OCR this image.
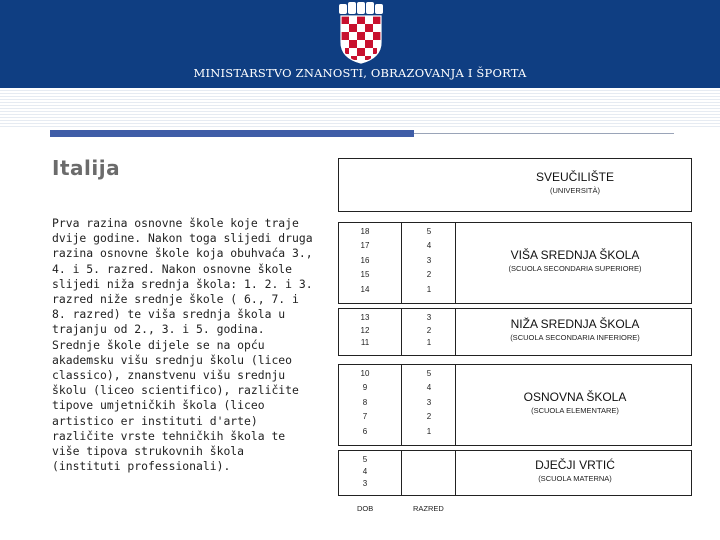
MINISTARSTVO ZNANOSTI, OBRAZOVANJA I ŠPORTA
Italija
Prva razina osnovne škole koje traje dvije godine. Nakon toga slijedi druga razina osnovne škole koja obuhvaća 3., 4. i 5. razred. Nakon osnovne škole slijedi niža srednja škola: 1. 2. i 3. razred niže srednje škole ( 6., 7. i 8. razred) te viša srednja škola u trajanju od 2., 3. i 5. godina. Srednje škole dijele se na opću akademsku višu srednju školu (liceo classico), znanstvenu višu srednju školu (liceo scientifico), različite tipove umjetničkih škola (liceo artistico er instituti d'arte) različite vrste tehničkih škola te više tipova strukovnih škola (instituti professionali).
DOB	RAZRED
SVEUČILIŠTE
(UNIVERSITÀ)
VIŠA SREDNJA ŠKOLA
(SCUOLA SECONDARIA SUPERIORE)
18
17
16
15
14
5
4
3
2
1
NIŽA SREDNJA ŠKOLA
(SCUOLA SECONDARIA INFERIORE)
13
12
11
3
2
1
OSNOVNA ŠKOLA
(SCUOLA ELEMENTARE)
10
9
8
7
6
5
4
3
2
1
DJEČJI VRTIĆ
(SCUOLA MATERNA)
5
4
3
